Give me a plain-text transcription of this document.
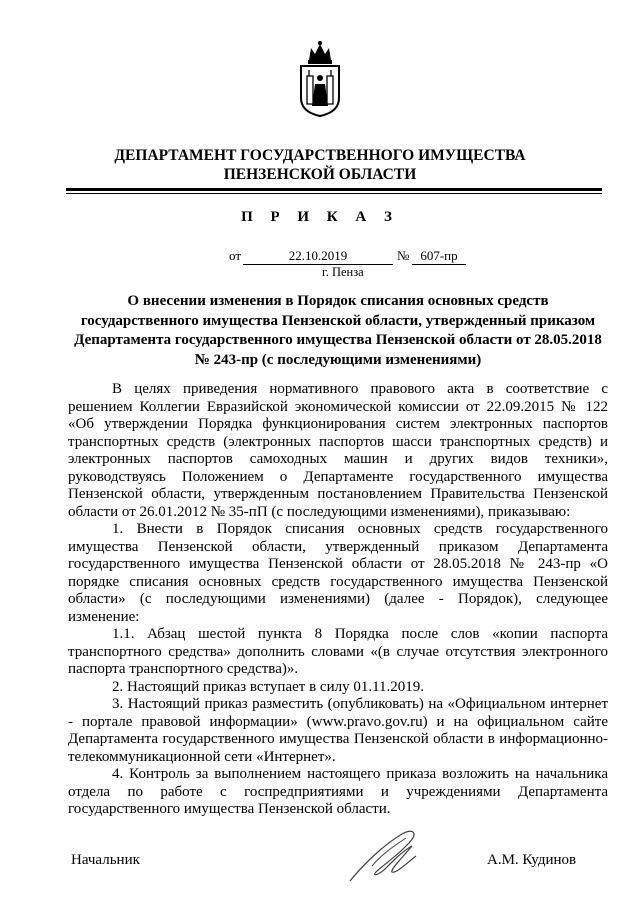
ДЕПАРТАМЕНТ ГОСУДАРСТВЕННОГО ИМУЩЕСТВА
ПЕНЗЕНСКОЙ ОБЛАСТИ
П Р И К А З
от	22.10.2019	№ 607-пр
г. Пенза
О внесении изменения в Порядок списания основных средств государственного имущества Пензенской области, утвержденный приказом Департамента государственного имущества Пензенской области от 28.05.2018 № 243-пр (с последующими изменениями)

В целях приведения нормативного правового акта в соответствие с решением Коллегии Евразийской экономической комиссии от 22.09.2015 № 122 «Об утверждении Порядка функционирования систем электронных паспортов транспортных средств (электронных паспортов шасси транспортных средств) и электронных паспортов самоходных машин и других видов техники», руководствуясь Положением о Департаменте государственного имущества Пензенской области, утвержденным постановлением Правительства Пензенской области от 26.01.2012 № 35-пП (с последующими изменениями), приказываю:

1. Внести в Порядок списания основных средств государственного имущества Пензенской области, утвержденный приказом Департамента государственного имущества Пензенской области от 28.05.2018 № 243-пр «О порядке списания основных средств государственного имущества Пензенской области» (с последующими изменениями) (далее - Порядок), следующее изменение:

1.1. Абзац шестой пункта 8 Порядка после слов «копии паспорта транспортного средства» дополнить словами «(в случае отсутствия электронного паспорта транспортного средства)».

2. Настоящий приказ вступает в силу 01.11.2019.

3. Настоящий приказ разместить (опубликовать) на «Официальном интернет - портале правовой информации» (www.pravo.gov.ru) и на официальном сайте Департамента государственного имущества Пензенской области в информационно-телекоммуникационной сети «Интернет».

4. Контроль за выполнением настоящего приказа возложить на начальника отдела по работе с госпредприятиями и учреждениями Департамента государственного имущества Пензенской области.

Начальник	А.М. Кудинов
